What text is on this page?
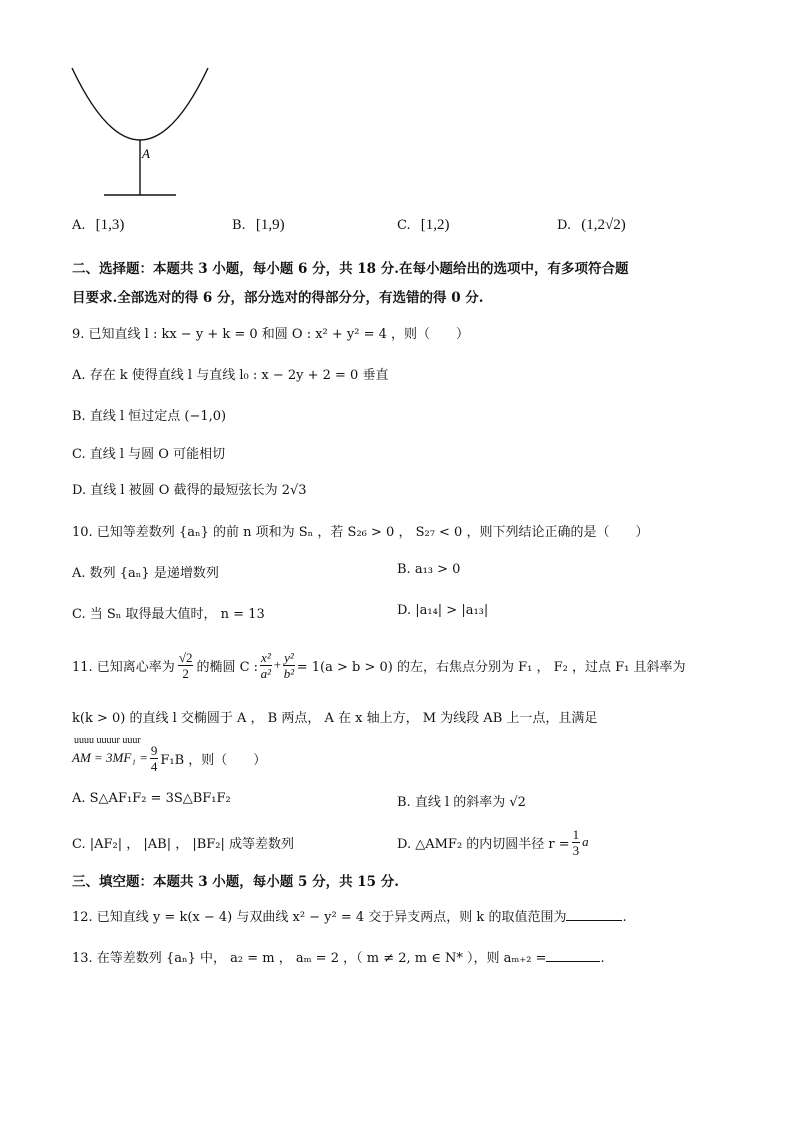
A
A. [1,3)	B. [1,9)	C. [1,2)	D. (1,2√2)
二、选择题：本题共 3 小题，每小题 6 分，共 18 分.在每小题给出的选项中，有多项符合题
目要求.全部选对的得 6 分，部分选对的得部分分，有选错的得 0 分.
9. 已知直线 l : kx − y + k = 0 和圆 O : x² + y² = 4 ，则（　　）
A. 存在 k 使得直线 l 与直线 l₀ : x − 2y + 2 = 0 垂直
B. 直线 l 恒过定点 (−1,0)
C. 直线 l 与圆 O 可能相切
D. 直线 l 被圆 O 截得的最短弦长为 2√3
10. 已知等差数列 {aₙ} 的前 n 项和为 Sₙ ，若 S₂₆ > 0 ， S₂₇ < 0 ，则下列结论正确的是（　　）
A. 数列 {aₙ} 是递增数列	B. a₁₃ > 0
C. 当 Sₙ 取得最大值时， n = 13	D. |a₁₄| > |a₁₃|
11. 已知离心率为 $\frac{√2}{2}$ 的椭圆 C : $\frac{\text{x²}}{\text{a²}} + \frac{\text{y²}}{\text{b²}} = 1(a > b > 0)$ 的左，右焦点分别为 F₁ ， F₂ ，过点 F₁ 且斜率为
k(k > 0) 的直线 l 交椭圆于 A ， B 两点， A 在 x 轴上方， M 为线段 AB 上一点，且满足
uuuu uuuur uuur
AM = $3MF_1 = \frac{9}{4} F_1B$ ，则（　　）
A. S△AF₁F₂ = 3S△BF₁F₂	B. 直线 l 的斜率为 √2
C. |AF₂| ， |AB| ， |BF₂| 成等差数列	D. △AMF₂ 的内切圆半径 $r = \frac{1}{3}$ a
三、填空题：本题共 3 小题，每小题 5 分，共 15 分.
12. 已知直线 y = k(x − 4) 与双曲线 x² − y² = 4 交于异支两点，则 k 的取值范围为	.
13. 在等差数列 {aₙ} 中， a₂ = m ， aₘ = 2 ，（ m ≠ 2, m ∈ N* ），则 aₘ₊₂ =	.
